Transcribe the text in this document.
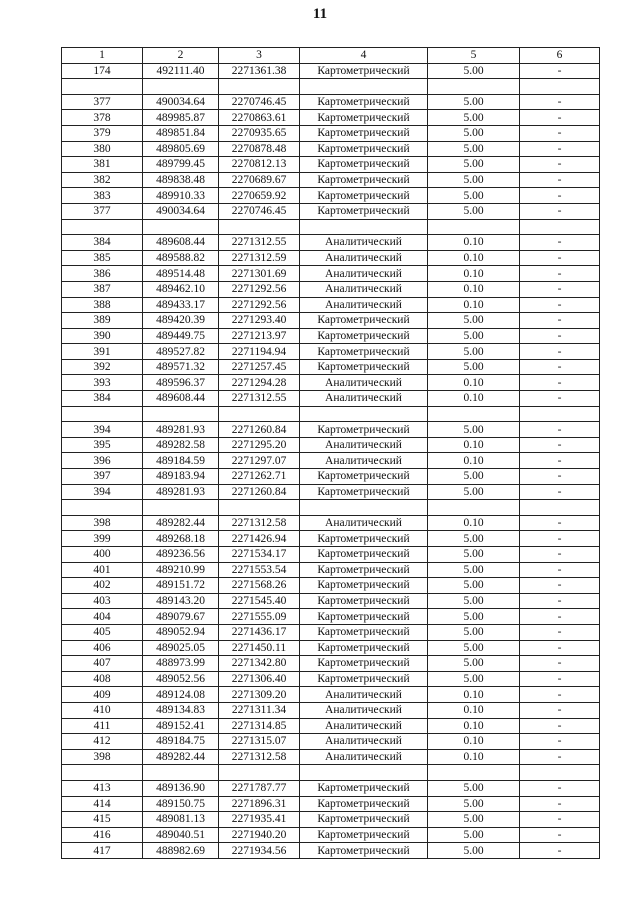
11
1	2	3	4	5	6
174	492111.40	2271361.38	Картометрический	5.00	-

377	490034.64	2270746.45	Картометрический	5.00	-
378	489985.87	2270863.61	Картометрический	5.00	-
379	489851.84	2270935.65	Картометрический	5.00	-
380	489805.69	2270878.48	Картометрический	5.00	-
381	489799.45	2270812.13	Картометрический	5.00	-
382	489838.48	2270689.67	Картометрический	5.00	-
383	489910.33	2270659.92	Картометрический	5.00	-
377	490034.64	2270746.45	Картометрический	5.00	-

384	489608.44	2271312.55	Аналитический	0.10	-
385	489588.82	2271312.59	Аналитический	0.10	-
386	489514.48	2271301.69	Аналитический	0.10	-
387	489462.10	2271292.56	Аналитический	0.10	-
388	489433.17	2271292.56	Аналитический	0.10	-
389	489420.39	2271293.40	Картометрический	5.00	-
390	489449.75	2271213.97	Картометрический	5.00	-
391	489527.82	2271194.94	Картометрический	5.00	-
392	489571.32	2271257.45	Картометрический	5.00	-
393	489596.37	2271294.28	Аналитический	0.10	-
384	489608.44	2271312.55	Аналитический	0.10	-

394	489281.93	2271260.84	Картометрический	5.00	-
395	489282.58	2271295.20	Аналитический	0.10	-
396	489184.59	2271297.07	Аналитический	0.10	-
397	489183.94	2271262.71	Картометрический	5.00	-
394	489281.93	2271260.84	Картометрический	5.00	-

398	489282.44	2271312.58	Аналитический	0.10	-
399	489268.18	2271426.94	Картометрический	5.00	-
400	489236.56	2271534.17	Картометрический	5.00	-
401	489210.99	2271553.54	Картометрический	5.00	-
402	489151.72	2271568.26	Картометрический	5.00	-
403	489143.20	2271545.40	Картометрический	5.00	-
404	489079.67	2271555.09	Картометрический	5.00	-
405	489052.94	2271436.17	Картометрический	5.00	-
406	489025.05	2271450.11	Картометрический	5.00	-
407	488973.99	2271342.80	Картометрический	5.00	-
408	489052.56	2271306.40	Картометрический	5.00	-
409	489124.08	2271309.20	Аналитический	0.10	-
410	489134.83	2271311.34	Аналитический	0.10	-
411	489152.41	2271314.85	Аналитический	0.10	-
412	489184.75	2271315.07	Аналитический	0.10	-
398	489282.44	2271312.58	Аналитический	0.10	-

413	489136.90	2271787.77	Картометрический	5.00	-
414	489150.75	2271896.31	Картометрический	5.00	-
415	489081.13	2271935.41	Картометрический	5.00	-
416	489040.51	2271940.20	Картометрический	5.00	-
417	488982.69	2271934.56	Картометрический	5.00	-
